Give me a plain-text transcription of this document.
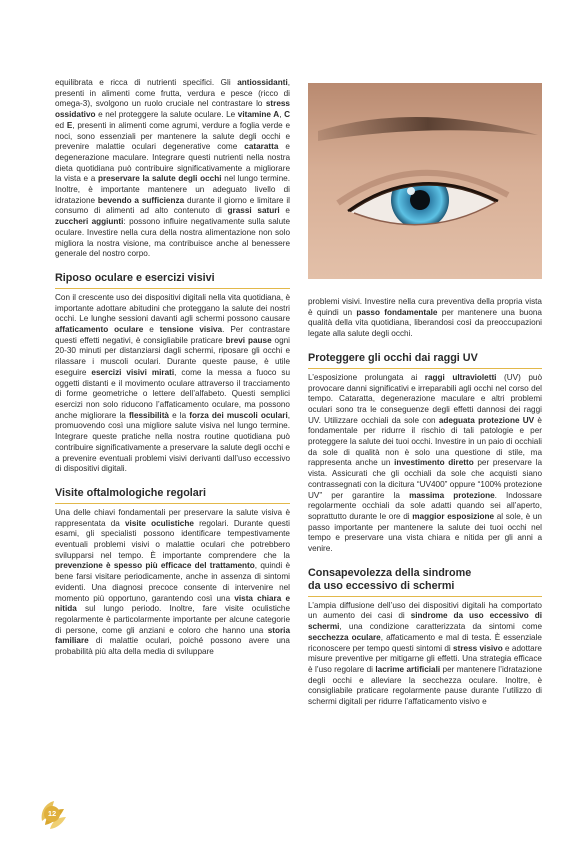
equilibrata e ricca di nutrienti specifici. Gli antiossidanti, presenti in alimenti come frutta, verdura e pesce (ricco di omega-3), svolgono un ruolo cruciale nel contrastare lo stress ossidativo e nel proteggere la salute oculare. Le vitamine A, C ed E, presenti in alimenti come agrumi, verdure a foglia verde e noci, sono essenziali per mantenere la salute degli occhi e prevenire malattie oculari degenerative come cataratta e degenerazione maculare. Integrare questi nutrienti nella nostra dieta quotidiana può contribuire significativamente a migliorare la vista e a preservare la salute degli occhi nel lungo termine. Inoltre, è importante mantenere un adeguato livello di idratazione bevendo a sufficienza durante il giorno e limitare il consumo di alimenti ad alto contenuto di grassi saturi e zuccheri aggiunti: possono influire negativamente sulla salute oculare. Investire nella cura della nostra alimentazione non solo migliora la nostra visione, ma contribuisce anche al benessere generale del nostro corpo.

Riposo oculare e esercizi visivi

Con il crescente uso dei dispositivi digitali nella vita quotidiana, è importante adottare abitudini che proteggano la salute dei nostri occhi. Le lunghe sessioni davanti agli schermi possono causare affaticamento oculare e tensione visiva. Per contrastare questi effetti negativi, è consigliabile praticare brevi pause ogni 20-30 minuti per distanziarsi dagli schermi, riposare gli occhi e rilassare i muscoli oculari. Durante queste pause, è utile eseguire esercizi visivi mirati, come la messa a fuoco su oggetti distanti e il movimento oculare attraverso il tracciamento di forme geometriche o lettere dell’alfabeto. Questi semplici esercizi non solo riducono l’affaticamento oculare, ma possono anche migliorare la flessibilità e la forza dei muscoli oculari, promuovendo così una migliore salute visiva nel lungo termine. Integrare queste pratiche nella nostra routine quotidiana può contribuire significativamente a preservare la salute degli occhi e a prevenire eventuali problemi visivi derivanti dall’uso eccessivo di dispositivi digitali.

Visite oftalmologiche regolari

Una delle chiavi fondamentali per preservare la salute visiva è rappresentata da visite oculistiche regolari. Durante questi esami, gli specialisti possono identificare tempestivamente eventuali problemi visivi o malattie oculari che potrebbero svilupparsi nel tempo. È importante comprendere che la prevenzione è spesso più efficace del trattamento, quindi è bene farsi visitare periodicamente, anche in assenza di sintomi evidenti. Una diagnosi precoce consente di intervenire nel momento più opportuno, garantendo così una vista chiara e nitida sul lungo periodo. Inoltre, fare visite oculistiche regolarmente è particolarmente importante per alcune categorie di persone, come gli anziani e coloro che hanno una storia familiare di malattie oculari, poiché possono avere una probabilità più alta della media di sviluppare

problemi visivi. Investire nella cura preventiva della propria vista è quindi un passo fondamentale per mantenere una buona qualità della vita quotidiana, liberandosi così da preoccupazioni legate alla salute degli occhi.

Proteggere gli occhi dai raggi UV

L’esposizione prolungata ai raggi ultravioletti (UV) può provocare danni significativi e irreparabili agli occhi nel corso del tempo. Cataratta, degenerazione maculare e altri problemi oculari sono tra le conseguenze degli effetti dannosi dei raggi UV. Utilizzare occhiali da sole con adeguata protezione UV è fondamentale per ridurre il rischio di tali patologie e per proteggere la salute dei tuoi occhi. Investire in un paio di occhiali da sole di qualità non è solo una questione di stile, ma rappresenta anche un investimento diretto per preservare la vista. Assicurati che gli occhiali da sole che acquisti siano contrassegnati con la dicitura “UV400” oppure “100% protezione UV” per garantire la massima protezione. Indossare regolarmente occhiali da sole adatti quando sei all’aperto, soprattutto durante le ore di maggior esposizione al sole, è un passo importante per mantenere la salute dei tuoi occhi nel tempo e preservare una vista chiara e nitida per gli anni a venire.

Consapevolezza della sindrome
da uso eccessivo di schermi

L’ampia diffusione dell’uso dei dispositivi digitali ha comportato un aumento dei casi di sindrome da uso eccessivo di schermi, una condizione caratterizzata da sintomi come secchezza oculare, affaticamento e mal di testa. È essenziale riconoscere per tempo questi sintomi di stress visivo e adottare misure preventive per mitigarne gli effetti. Una strategia efficace è l’uso regolare di lacrime artificiali per mantenere l’idratazione degli occhi e alleviare la secchezza oculare. Inoltre, è consigliabile praticare regolarmente pause durante l’utilizzo di schermi digitali per ridurre l’affaticamento visivo e

12
